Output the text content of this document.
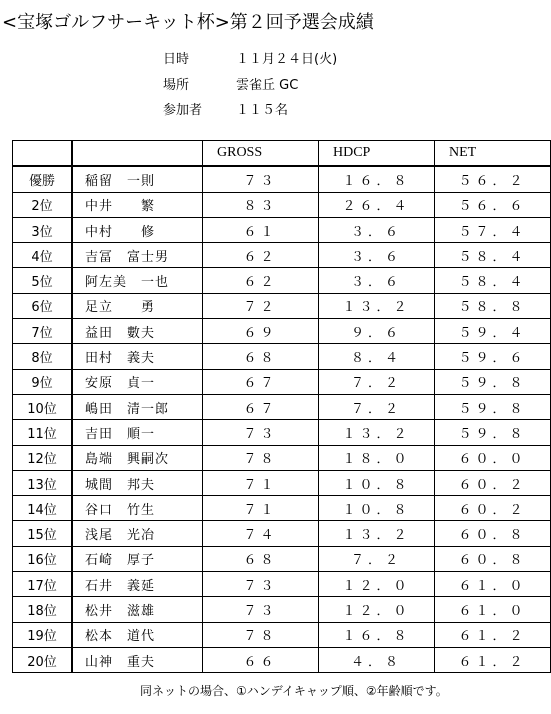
<宝塚ゴルフサーキット杯>第２回予選会成績
日時	１１月２４日(火)
場所	雲雀丘 GC
参加者	１１５名
		GROSS	HDCP	NET
優勝	稲留　一則	７３	１６．８	５６．２
2位	中井　　繁	８３	２６．４	５６．６
3位	中村　　修	６１	３．６	５７．４
4位	吉冨　富士男	６２	３．６	５８．４
5位	阿左美　一也	６２	３．６	５８．４
6位	足立　　勇	７２	１３．２	５８．８
7位	益田　數夫	６９	９．６	５９．４
8位	田村　義夫	６８	８．４	５９．６
9位	安原　貞一	６７	７．２	５９．８
10位	嶋田　清一郎	６７	７．２	５９．８
11位	吉田　順一	７３	１３．２	５９．８
12位	島端　興嗣次	７８	１８．０	６０．０
13位	城間　邦夫	７１	１０．８	６０．２
14位	谷口　竹生	７１	１０．８	６０．２
15位	浅尾　光冶	７４	１３．２	６０．８
16位	石崎　厚子	６８	７．２	６０．８
17位	石井　義延	７３	１２．０	６１．０
18位	松井　滋雄	７３	１２．０	６１．０
19位	松本　道代	７８	１６．８	６１．２
20位	山神　重夫	６６	４．８	６１．２
同ネットの場合、①ハンデイキャップ順、②年齢順です。
